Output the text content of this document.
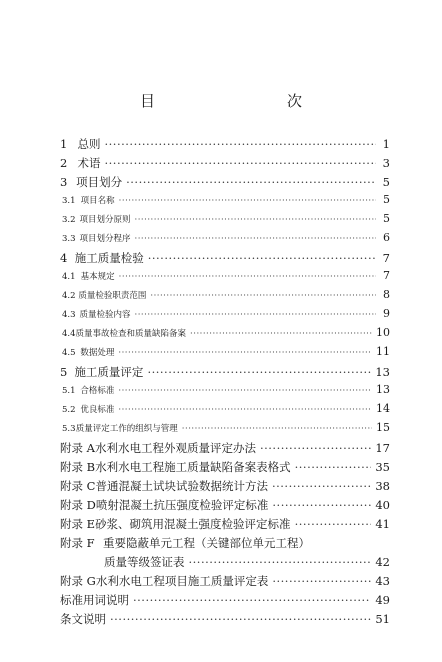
目　　次
1 总则 ·····	1
2 术语 ·····	3
3 项目划分 ·····	5
3.1 项目名称 ·····	5
3.2 项目划分原则 ·····	5
3.3 项目划分程序 ·····	6
4 施工质量检验 ·····	7
4.1 基本规定 ·····	7
4.2 质量检验职责范围 ·····	8
4.3 质量检验内容 ·····	9
4.4 质量事故检查和质量缺陷备案 ·····	10
4.5 数据处理 ·····	11
5 施工质量评定 ·····	13
5.1 合格标准 ·····	13
5.2 优良标准 ·····	14
5.3 质量评定工作的组织与管理 ·····	15
附录 A 水利水电工程外观质量评定办法 ·····	17
附录 B 水利水电工程施工质量缺陷备案表格式 ·····	35
附录 C 普通混凝土试块试验数据统计方法 ·····	38
附录 D 喷射混凝土抗压强度检验评定标准 ·····	40
附录 E 砂浆、砌筑用混凝土强度检验评定标准 ·····	41
附录 F 重要隐蔽单元工程（关键部位单元工程）
质量等级签证表 ·····	42
附录 G 水利水电工程项目施工质量评定表 ·····	43
标准用词说明 ·····	49
条文说明 ·····	51
